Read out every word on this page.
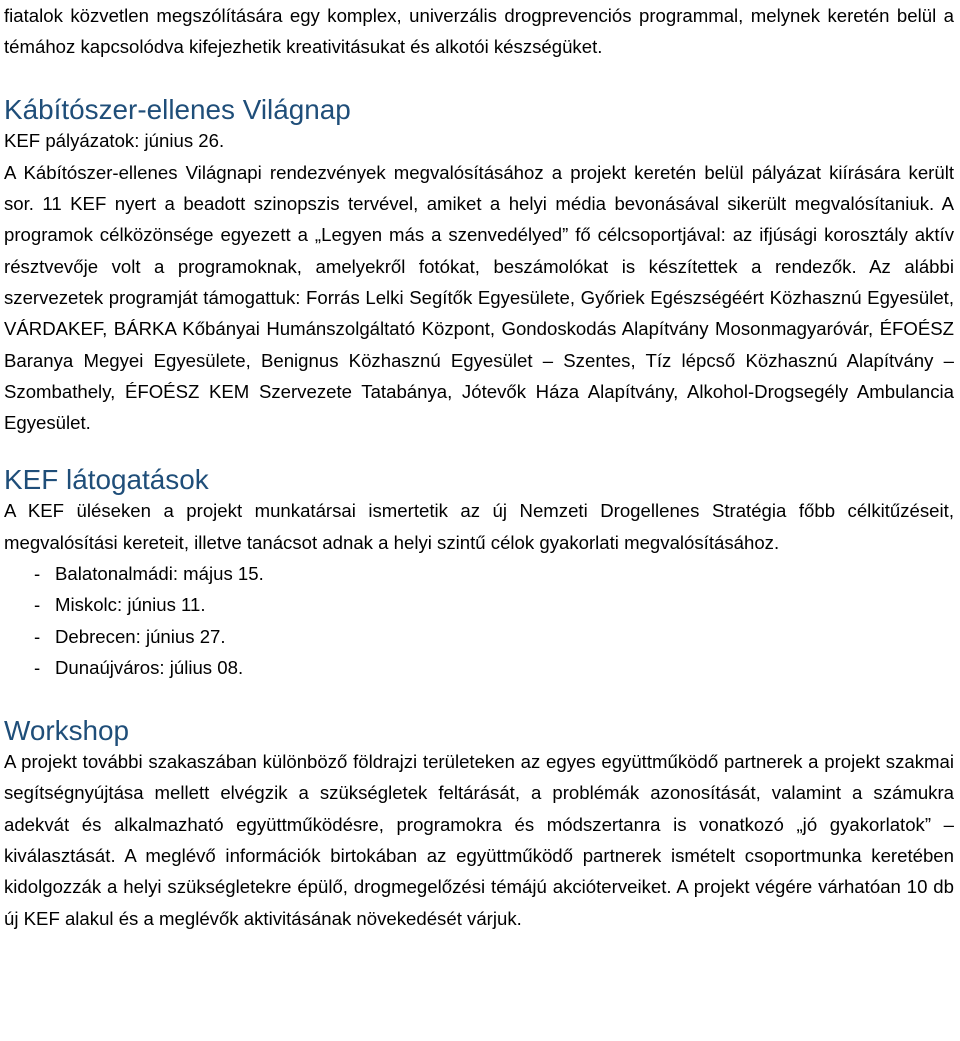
fiatalok közvetlen megszólítására egy komplex, univerzális drogprevenciós programmal, melynek keretén belül a témához kapcsolódva kifejezhetik kreativitásukat és alkotói készségüket.

Kábítószer-ellenes Világnap

KEF pályázatok: június 26.

A Kábítószer-ellenes Világnapi rendezvények megvalósításához a projekt keretén belül pályázat kiírására került sor. 11 KEF nyert a beadott szinopszis tervével, amiket a helyi média bevonásával sikerült megvalósítaniuk. A programok célközönsége egyezett a „Legyen más a szenvedélyed” fő célcsoportjával: az ifjúsági korosztály aktív résztvevője volt a programoknak, amelyekről fotókat, beszámolókat is készítettek a rendezők. Az alábbi szervezetek programját támogattuk: Forrás Lelki Segítők Egyesülete, Győriek Egészségéért Közhasznú Egyesület, VÁRDAKEF, BÁRKA Kőbányai Humánszolgáltató Központ, Gondoskodás Alapítvány Mosonmagyaróvár, ÉFOÉSZ Baranya Megyei Egyesülete, Benignus Közhasznú Egyesület – Szentes, Tíz lépcső Közhasznú Alapítvány – Szombathely, ÉFOÉSZ KEM Szervezete Tatabánya, Jótevők Háza Alapítvány, Alkohol-Drogsegély Ambulancia Egyesület.

KEF látogatások

A KEF üléseken a projekt munkatársai ismertetik az új Nemzeti Drogellenes Stratégia főbb célkitűzéseit, megvalósítási kereteit, illetve tanácsot adnak a helyi szintű célok gyakorlati megvalósításához.

- Balatonalmádi: május 15.
- Miskolc: június 11.
- Debrecen: június 27.
- Dunaújváros: július 08.
Workshop

A projekt további szakaszában különböző földrajzi területeken az egyes együttműködő partnerek a projekt szakmai segítségnyújtása mellett elvégzik a szükségletek feltárását, a problémák azonosítását, valamint a számukra adekvát és alkalmazható együttműködésre, programokra és módszertanra is vonatkozó „jó gyakorlatok” –kiválasztását. A meglévő információk birtokában az együttműködő partnerek ismételt csoportmunka keretében kidolgozzák a helyi szükségletekre épülő, drogmegelőzési témájú akcióterveiket. A projekt végére várhatóan 10 db új KEF alakul és a meglévők aktivitásának növekedését várjuk.
